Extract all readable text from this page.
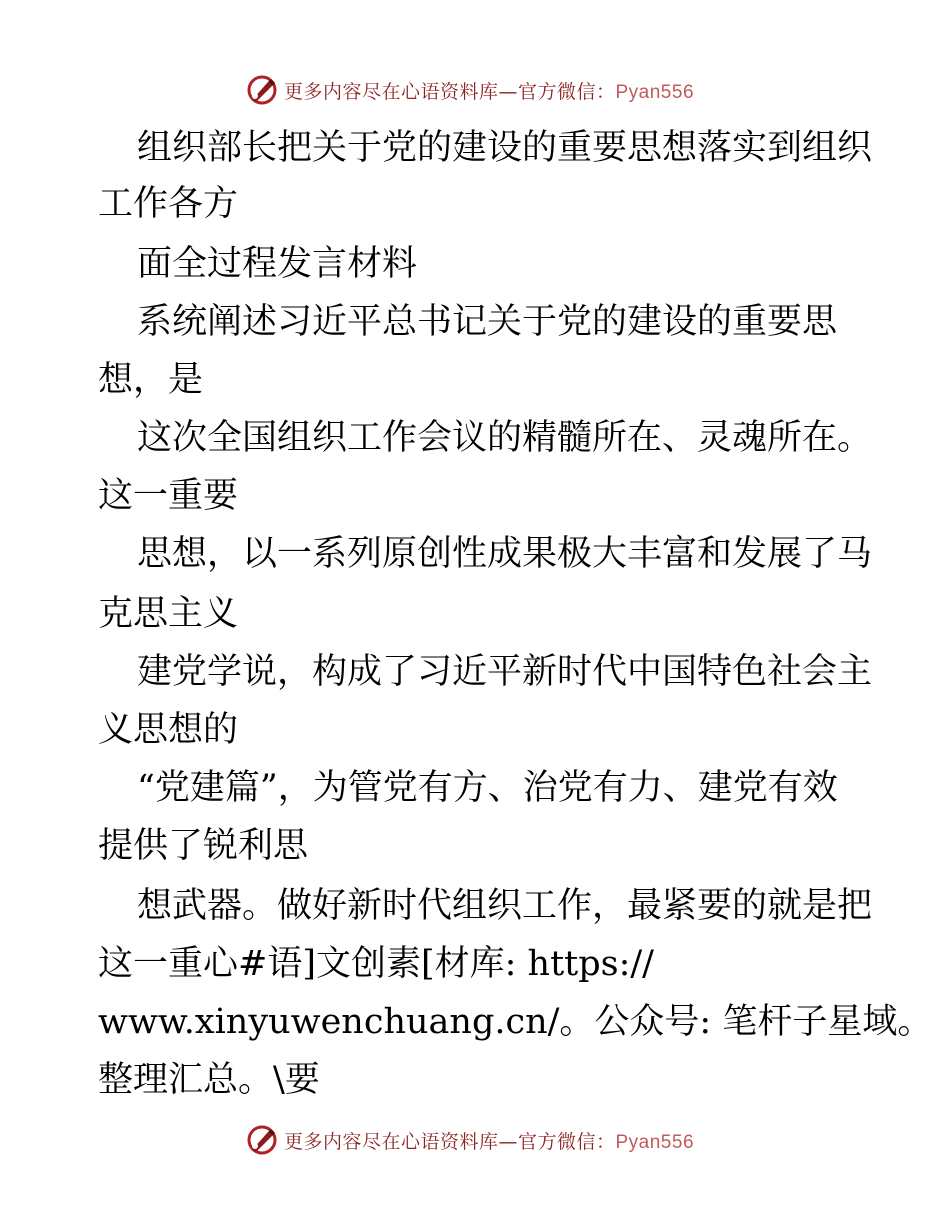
更多内容尽在心语资料库—官方微信：Pyan556
组织部长把关于党的建设的重要思想落实到组织
工作各方
面全过程发言材料
系统阐述习近平总书记关于党的建设的重要思
想，是
这次全国组织工作会议的精髓所在、灵魂所在。
这一重要
思想，以一系列原创性成果极大丰富和发展了马
克思主义
建党学说，构成了习近平新时代中国特色社会主
义思想的
“党建篇”，为管党有方、治党有力、建党有效
提供了锐利思
想武器。做好新时代组织工作，最紧要的就是把
这一重心#语]文创素[材库: https://
www.xinyuwenchuang.cn/。公众号: 笔杆子星域。
整理汇总。\要
更多内容尽在心语资料库—官方微信：Pyan556
